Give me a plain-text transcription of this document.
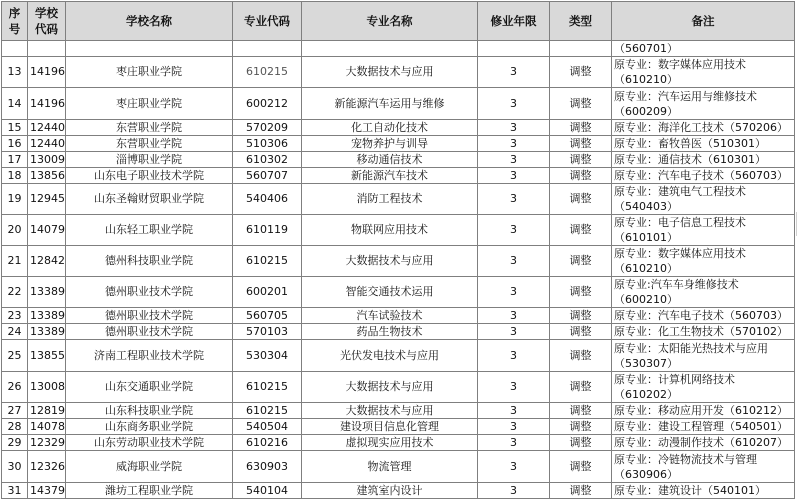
序号	学校代码	学校名称	专业代码	专业名称	修业年限	类型	备注
							（560701）
13	14196	枣庄职业学院	610215	大数据技术与应用	3	调整	原专业：数字媒体应用技术（610210）
14	14196	枣庄职业学院	600212	新能源汽车运用与维修	3	调整	原专业：汽车运用与维修技术（600209）
15	12440	东营职业学院	570209	化工自动化技术	3	调整	原专业：海洋化工技术（570206）
16	12440	东营职业学院	510306	宠物养护与训导	3	调整	原专业：畜牧兽医（510301）
17	13009	淄博职业学院	610302	移动通信技术	3	调整	原专业：通信技术（610301）
18	13856	山东电子职业技术学院	560707	新能源汽车技术	3	调整	原专业：汽车电子技术（560703）
19	12945	山东圣翰财贸职业学院	540406	消防工程技术	3	调整	原专业：建筑电气工程技术（540403）
20	14079	山东轻工职业学院	610119	物联网应用技术	3	调整	原专业：电子信息工程技术（610101）
21	12842	德州科技职业学院	610215	大数据技术与应用	3	调整	原专业：数字媒体应用技术（610210）
22	13389	德州职业技术学院	600201	智能交通技术运用	3	调整	原专业:汽车车身维修技术（600210）
23	13389	德州职业技术学院	560705	汽车试验技术	3	调整	原专业：汽车电子技术（560703）
24	13389	德州职业技术学院	570103	药品生物技术	3	调整	原专业：化工生物技术（570102）
25	13855	济南工程职业技术学院	530304	光伏发电技术与应用	3	调整	原专业：太阳能光热技术与应用（530307）
26	13008	山东交通职业学院	610215	大数据技术与应用	3	调整	原专业：计算机网络技术（610202）
27	12819	山东科技职业学院	610215	大数据技术与应用	3	调整	原专业：移动应用开发（610212）
28	14078	山东商务职业学院	540504	建设项目信息化管理	3	调整	原专业：建设工程管理（540501）
29	12329	山东劳动职业技术学院	610216	虚拟现实应用技术	3	调整	原专业：动漫制作技术（610207）
30	12326	威海职业学院	630903	物流管理	3	调整	原专业：冷链物流技术与管理（630906）
31	14379	潍坊工程职业学院	540104	建筑室内设计	3	调整	原专业：建筑设计（540101）
